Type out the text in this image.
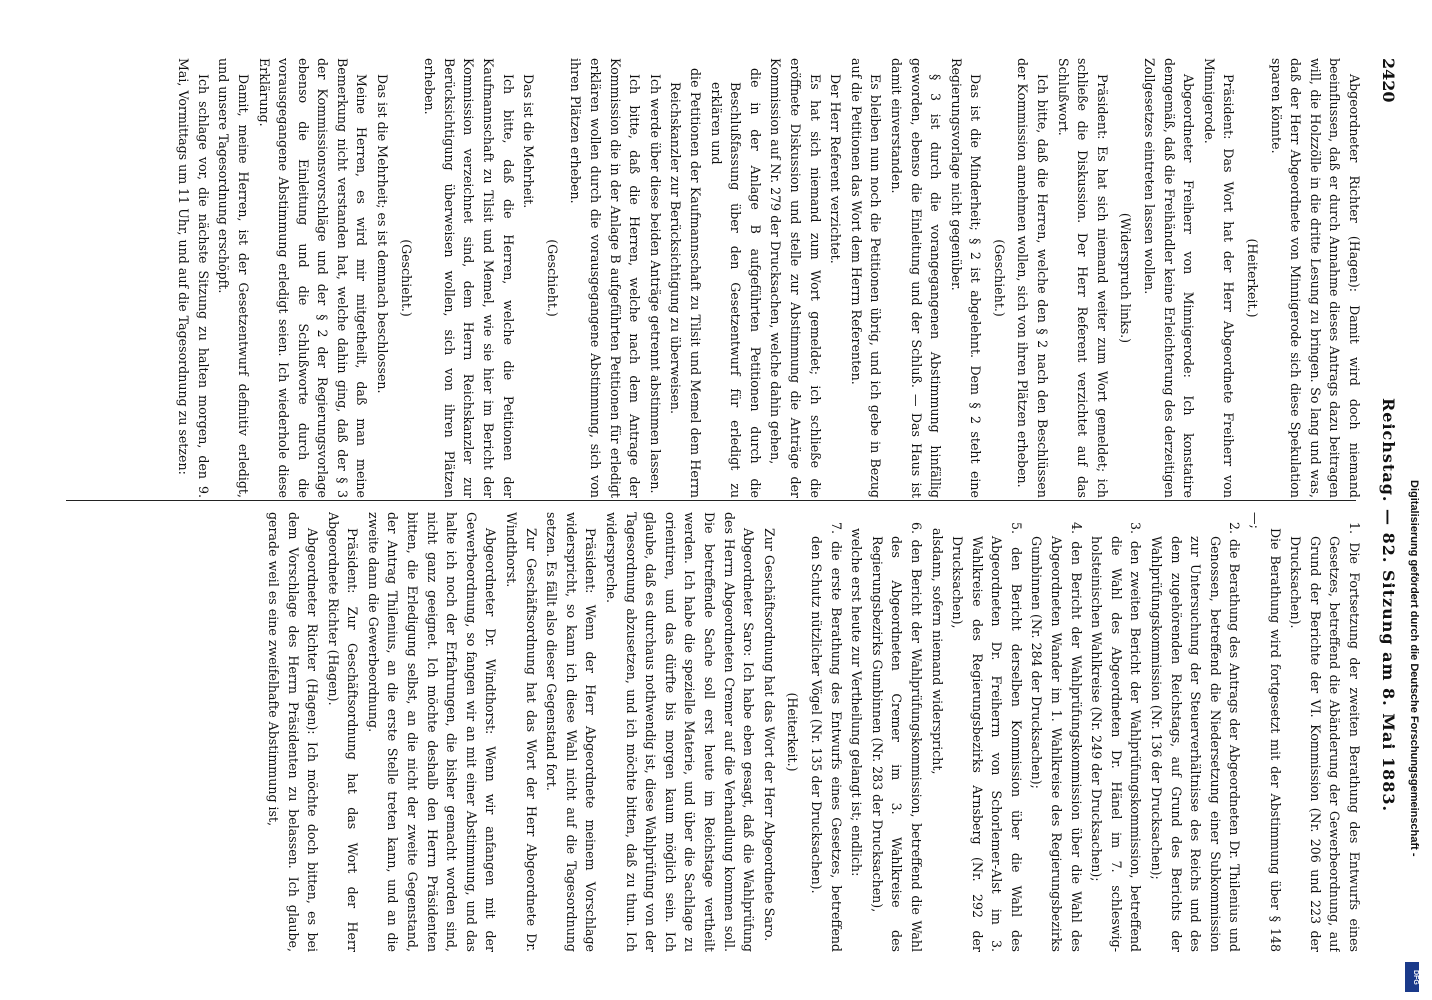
2420
Reichstag. — 82. Sitzung am 8. Mai 1883.

Abgeordneter Richter (Hagen): Damit wird doch niemand beeinflussen, daß er durch Annahme dieses Antrags dazu beitragen will, die Holzzölle in die dritte Lesung zu bringen. So lang und was, daß der Herr Abgeordnete von Minnigerode sich diese Spekulation sparen könnte.

(Heiterkeit.)

Präsident: Das Wort hat der Herr Abgeordnete Freiherr von Minnigerode.

Abgeordneter Freiherr von Minnigerode: Ich konstatire demgemäß, daß die Freihändler keine Erleichterung des derzeitigen Zollgesetzes eintreten lassen wollen.

(Widerspruch links.)

Präsident: Es hat sich niemand weiter zum Wort gemeldet; ich schließe die Diskussion. Der Herr Referent verzichtet auf das Schlußwort.

Ich bitte, daß die Herren, welche den § 2 nach den Beschlüssen der Kommission annehmen wollen, sich von ihren Plätzen erheben.

(Geschieht.)

Das ist die Minderheit; § 2 ist abgelehnt. Dem § 2 steht eine Regierungsvorlage nicht gegenüber.

§ 3 ist durch die vorangegangenen Abstimmung hinfällig geworden, ebenso die Einleitung und der Schluß. — Das Haus ist damit einverstanden.

Es bleiben nun noch die Petitionen übrig, und ich gebe in Bezug auf die Petitionen das Wort dem Herrn Referenten.

Der Herr Referent verzichtet.

Es hat sich niemand zum Wort gemeldet; ich schließe die eröffnete Diskussion und stelle zur Abstimmung die Anträge der Kommission auf Nr. 279 der Drucksachen, welche dahin gehen,

die in der Anlage B aufgeführten Petitionen durch die Beschlußfassung über den Gesetzentwurf für erledigt zu erklären und

die Petitionen der Kaufmannschaft zu Tilsit und Memel dem Herrn Reichskanzler zur Berücksichtigung zu überweisen.

Ich werde über diese beiden Anträge getrennt abstimmen lassen.

Ich bitte, daß die Herren, welche nach dem Antrage der Kommission die in der Anlage B aufgeführten Petitionen für erledigt erklären wollen durch die vorausgegangene Abstimmung, sich von ihren Plätzen erheben.

(Geschieht.)

Das ist die Mehrheit.

Ich bitte, daß die Herren, welche die Petitionen der Kaufmannschaft zu Tilsit und Memel, wie sie hier im Bericht der Kommission verzeichnet sind, dem Herrn Reichskanzler zur Berücksichtigung überweisen wollen, sich von ihren Plätzen erheben.

(Geschieht.)

Das ist die Mehrheit; es ist demnach beschlossen.

Meine Herren, es wird mir mitgetheilt, daß man meine Bemerkung nicht verstanden hat, welche dahin ging, daß der § 3 der Kommissionsvorschläge und der § 2 der Regierungsvorlage ebenso die Einleitung und die Schlußworte durch die vorausgegangene Abstimmung erledigt seien. Ich wiederhole diese Erklärung.

Damit, meine Herren, ist der Gesetzentwurf definitiv erledigt, und unsere Tagesordnung erschöpft.

Ich schlage vor, die nächste Sitzung zu halten morgen, den 9. Mai, Vormittags um 11 Uhr, und auf die Tagesordnung zu setzen:

1. Die Fortsetzung der zweiten Berathung des Entwurfs eines Gesetzes, betreffend die Abänderung der Gewerbeordnung, auf Grund der Berichte der VI. Kommission (Nr. 206 und 223 der Drucksachen).

Die Berathung wird fortgesetzt mit der Abstimmung über § 148 —;

2. die Berathung des Antrags der Abgeordneten Dr. Thilenius und Genossen, betreffend die Niedersetzung einer Subkommission zur Untersuchung der Steuerverhältnisse des Reichs und des dem zugehörenden Reichstags, auf Grund des Berichts der Wahlprüfungskommission (Nr. 136 der Drucksachen);

3. den zweiten Bericht der Wahlprüfungskommission, betreffend die Wahl des Abgeordneten Dr. Hänel im 7. schleswig-holsteinischen Wahlkreise (Nr. 249 der Drucksachen);

4. den Bericht der Wahlprüfungskommission über die Wahl des Abgeordneten Wander im 1. Wahlkreise des Regierungsbezirks Gumbinnen (Nr. 284 der Drucksachen);

5. den Bericht derselben Kommission über die Wahl des Abgeordneten Dr. Freiherrn von Schorlemer-Alst im 3. Wahlkreise des Regierungsbezirks Arnsberg (Nr. 292 der Drucksachen),

alsdann, sofern niemand widerspricht,

6. den Bericht der Wahlprüfungskommission, betreffend die Wahl des Abgeordneten Cremer im 3. Wahlkreise des Regierungsbezirks Gumbinnen (Nr. 283 der Drucksachen),

welche erst heute zur Vertheilung gelangt ist; endlich:

7. die erste Berathung des Entwurfs eines Gesetzes, betreffend den Schutz nützlicher Vögel (Nr. 135 der Drucksachen).

(Heiterkeit.)

Zur Geschäftsordnung hat das Wort der Herr Abgeordnete Saro.

Abgeordneter Saro: Ich habe eben gesagt, daß die Wahlprüfung des Herrn Abgeordneten Cremer auf die Verhandlung kommen soll. Die betreffende Sache soll erst heute im Reichstage vertheilt werden. Ich habe die spezielle Materie, und über die Sachlage zu orientiren, und das dürfte bis morgen kaum möglich sein. Ich glaube, daß es durchaus nothwendig ist, diese Wahlprüfung von der Tagesordnung abzusetzen, und ich möchte bitten, daß zu thun. Ich widerspreche.

Präsident: Wenn der Herr Abgeordnete meinem Vorschlage widerspricht, so kann ich diese Wahl nicht auf die Tagesordnung setzen. Es fällt also dieser Gegenstand fort.

Zur Geschäftsordnung hat das Wort der Herr Abgeordnete Dr. Windthorst.

Abgeordneter Dr. Windthorst: Wenn wir anfangen mit der Gewerbeordnung, so fangen wir an mit einer Abstimmung, und das halte ich noch der Erfahrungen, die bisher gemacht worden sind, nicht ganz geeignet. Ich möchte deshalb den Herrn Präsidenten bitten, die Erledigung selbst, an die nicht der zweite Gegenstand, der Antrag Thilenius, an die erste Stelle treten kann, und an die zweite dann die Gewerbeordnung.

Präsident: Zur Geschäftsordnung hat das Wort der Herr Abgeordnete Richter (Hagen).

Abgeordneter Richter (Hagen): Ich möchte doch bitten, es bei dem Vorschlage des Herrn Präsidenten zu belassen. Ich glaube, gerade weil es eine zweifelhafte Abstimmung ist,	Digitalisierung gefördert durch die Deutsche Forschungsgemeinschaft -
DFG
